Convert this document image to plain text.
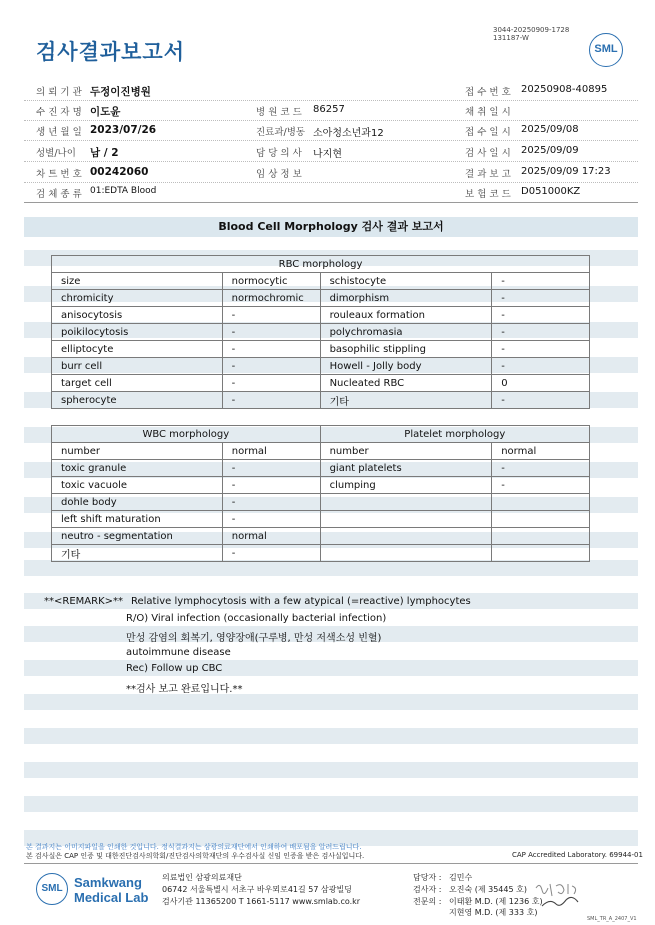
검사결과보고서
3044-20250909-1728
131187-W
SML
의 뢰 기 관 두정이진병원	접 수 번 호 20250908-40895
수 진 자 명 이도윤	병 원 코 드 86257	채 취 일 시
생 년 월 일 2023/07/26	진료과/병동 소아청소년과12	접 수 일 시 2025/09/08
성별/나이 남 / 2	담 당 의 사 나지현	검 사 일 시 2025/09/09
차 트 번 호 00242060	임 상 정 보	결 과 보 고 2025/09/09 17:23
검 체 종 류 01:EDTA Blood	보 험 코 드 D051000KZ
Blood Cell Morphology 검사 결과 보고서
RBC morphology			
size	normocytic	schistocyte	-
chromicity	normochromic	dimorphism	-
anisocytosis	-	rouleaux formation	-
poikilocytosis	-	polychromasia	-
elliptocyte	-	basophilic stippling	-
burr cell	-	Howell - Jolly body	-
target cell	-	Nucleated RBC	0
spherocyte	-	기타	-
WBC morphology		Platelet morphology	
number	normal	number	normal
toxic granule	-	giant platelets	-
toxic vacuole	-	clumping	-
dohle body	-		
left shift maturation	-		
neutro - segmentation	normal		
기타	-		
**<REMARK>** Relative lymphocytosis with a few atypical (=reactive) lymphocytes
R/O) Viral infection (occasionally bacterial infection)
만성 감염의 회복기, 영양장애(구루병, 만성 저색소성 빈혈)
autoimmune disease
Rec) Follow up CBC
**검사 보고 완료입니다.**
본 결과지는 이미지파일을 인쇄한 것입니다. 정식결과지는 삼광의료재단에서 인쇄하여 배포됨을 알려드립니다.
본 검사실은 CAP 인증 및 대한진단검사의학회/진단검사의학재단의 우수검사실 신임 인증을 받은 검사실입니다.	CAP Accredited Laboratory. 69944-01
SML Samkwang
Medical Lab
의료법인 삼광의료재단
06742 서울특별시 서초구 바우뫼로41길 57 삼광빌딩
검사기관 11365200 T 1661-5117 www.smlab.co.kr
담당자 : 김민수
검사자 : 오진숙 (제 35445 호)
전문의 : 이태환 M.D. (제 1236 호)
지현영 M.D. (제 333 호)
SML_TR_A_2407_V1
